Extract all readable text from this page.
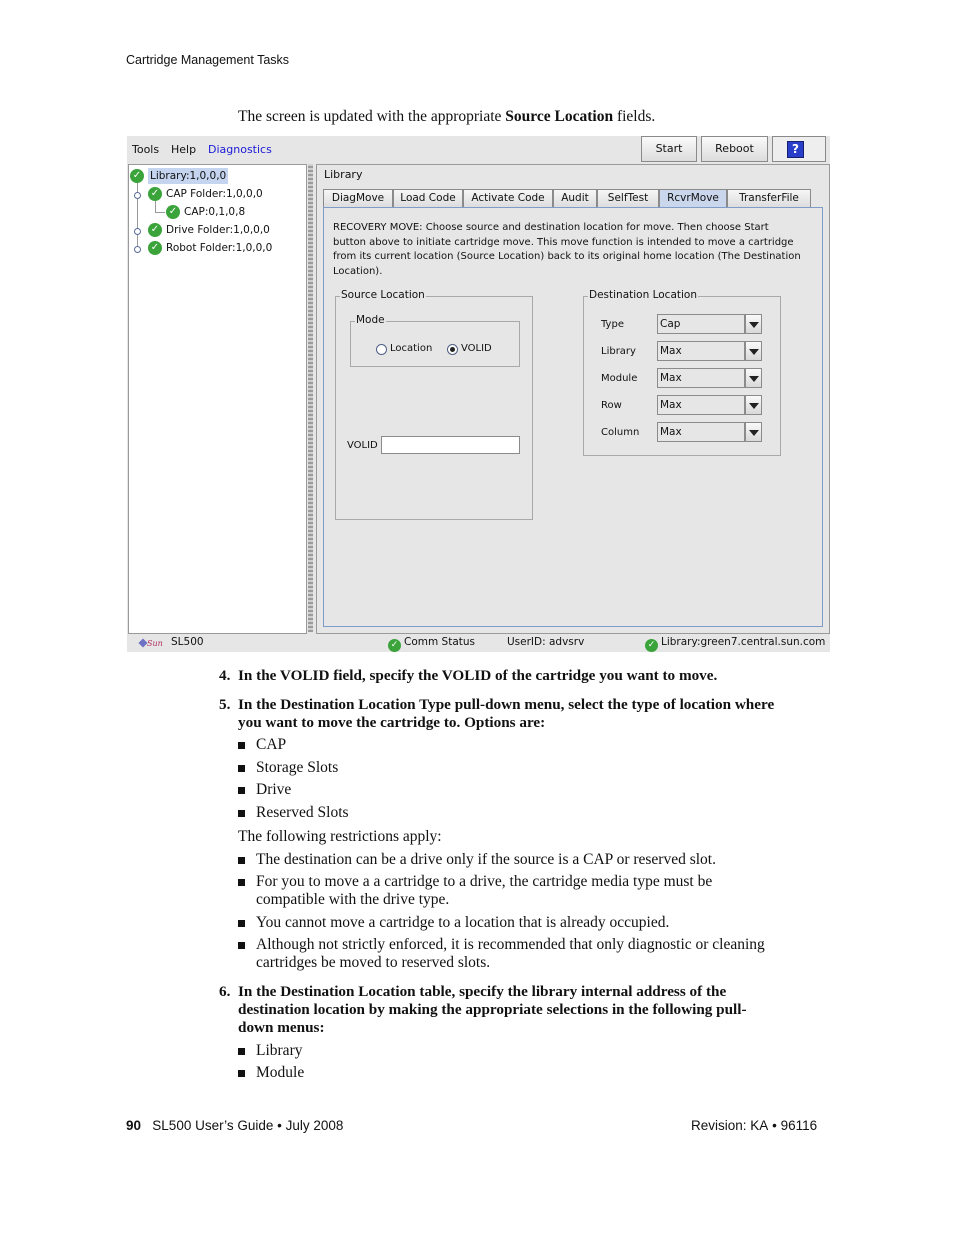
Cartridge Management Tasks
The screen is updated with the appropriate Source Location fields.
Tools Help Diagnostics	Start	Reboot	?
✓ Library:1,0,0,0
✓ CAP Folder:1,0,0,0
✓ CAP:0,1,0,8
✓ Drive Folder:1,0,0,0
✓ Robot Folder:1,0,0,0
Library
DiagMove	Load Code	Activate Code	Audit	SelfTest	RcvrMove	TransferFile
RECOVERY MOVE: Choose source and destination location for move. Then choose Start button above to initiate cartridge move. This move function is intended to move a cartridge from its current location (Source Location) back to its original home location (The Destination Location).
Source Location
Mode
Location	VOLID
VOLID
Destination Location
Type	Cap
Library Max
Module Max
Row	Max
Column Max
Sun SL500	✓ Comm Status	UserID: advsrv	✓ Library:green7.central.sun.com
4. In the VOLID field, specify the VOLID of the cartridge you want to move.
5. In the Destination Location Type pull-down menu, select the type of location where
you want to move the cartridge to. Options are:
CAP
Storage Slots
Drive
Reserved Slots
The following restrictions apply:
The destination can be a drive only if the source is a CAP or reserved slot.
For you to move a a cartridge to a drive, the cartridge media type must be
compatible with the drive type.
You cannot move a cartridge to a location that is already occupied.
Although not strictly enforced, it is recommended that only diagnostic or cleaning
cartridges be moved to reserved slots.
6. In the Destination Location table, specify the library internal address of the
destination location by making the appropriate selections in the following pull-
down menus:
Library
Module
90 SL500 User’s Guide • July 2008	Revision: KA • 96116
